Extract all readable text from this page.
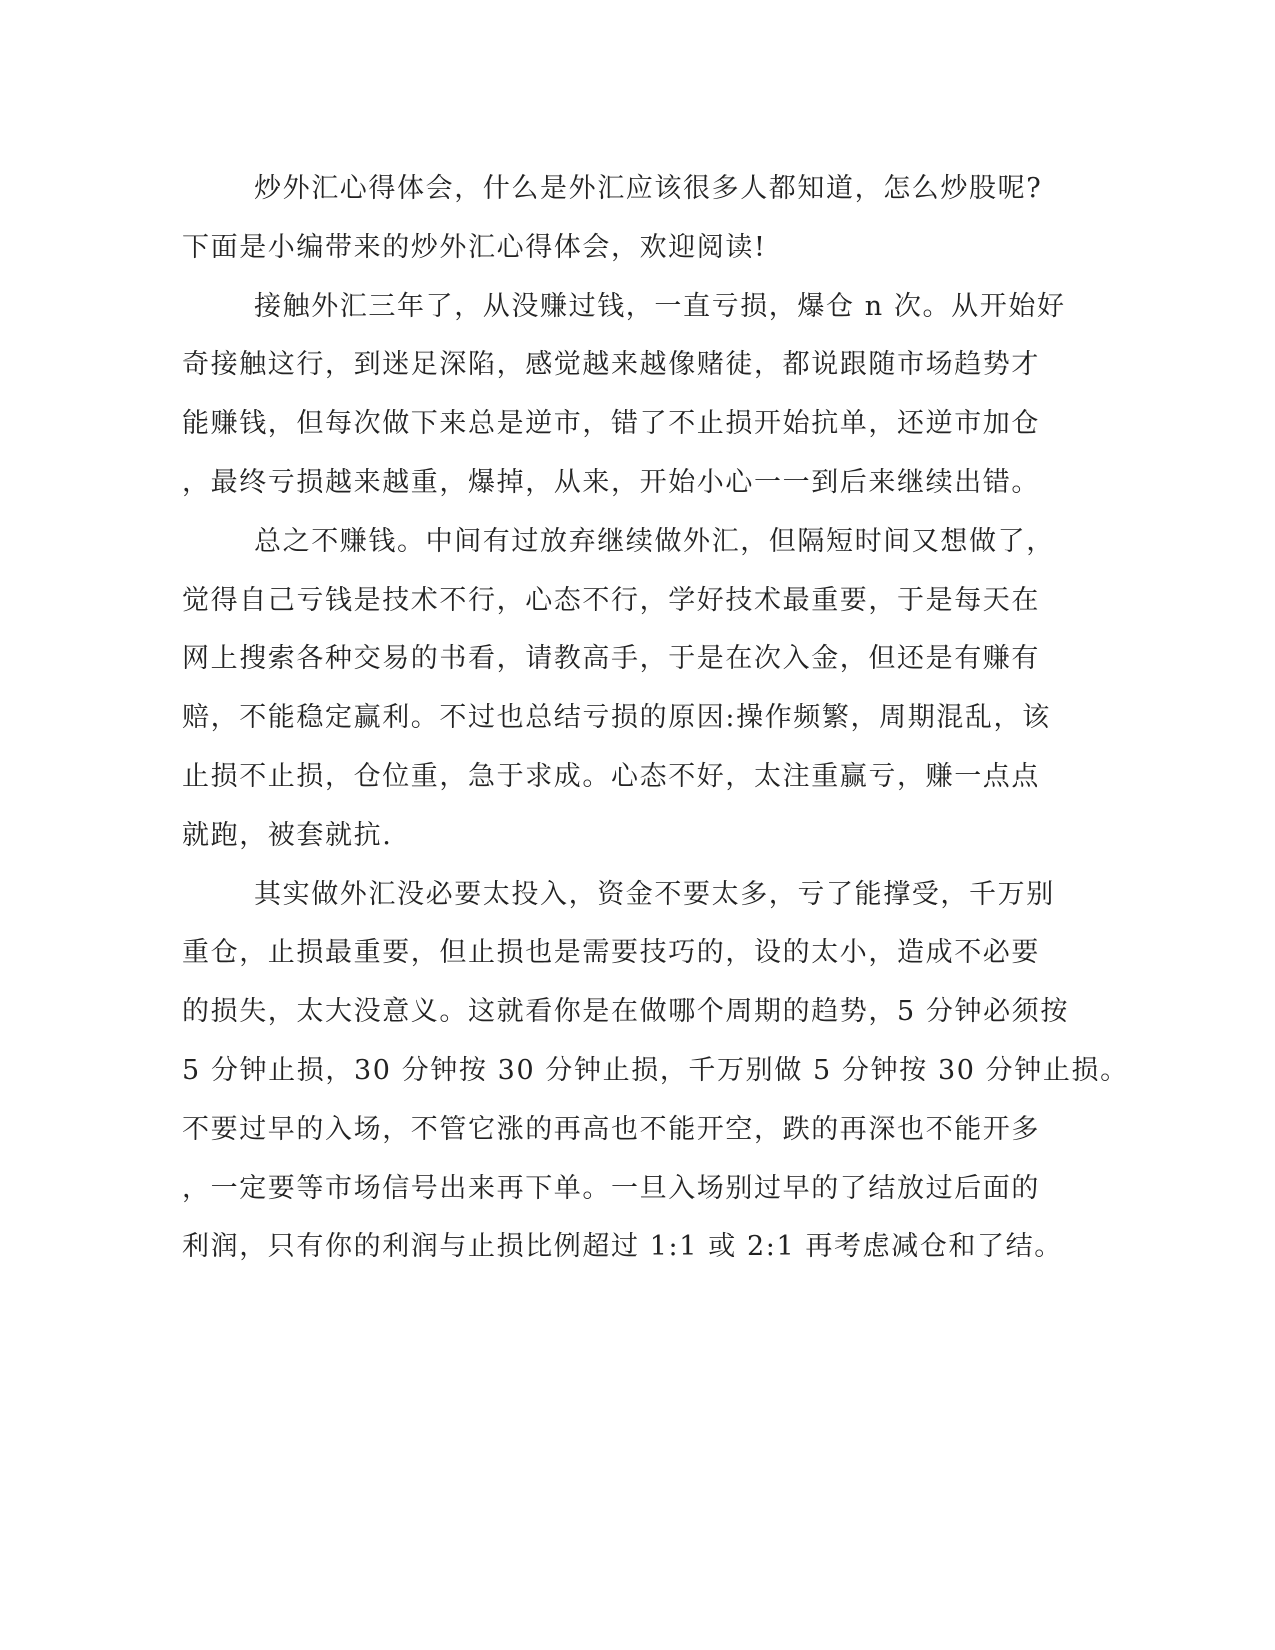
炒外汇心得体会，什么是外汇应该很多人都知道，怎么炒股呢?
下面是小编带来的炒外汇心得体会，欢迎阅读!
接触外汇三年了，从没赚过钱，一直亏损，爆仓 n 次。从开始好
奇接触这行，到迷足深陷，感觉越来越像赌徒，都说跟随市场趋势才
能赚钱，但每次做下来总是逆市，错了不止损开始抗单，还逆市加仓
，最终亏损越来越重，爆掉，从来，开始小心一一到后来继续出错。
总之不赚钱。中间有过放弃继续做外汇，但隔短时间又想做了，
觉得自己亏钱是技术不行，心态不行，学好技术最重要，于是每天在
网上搜索各种交易的书看，请教高手，于是在次入金，但还是有赚有
赔，不能稳定赢利。不过也总结亏损的原因:操作频繁，周期混乱，该
止损不止损，仓位重，急于求成。心态不好，太注重赢亏，赚一点点
就跑，被套就抗.
其实做外汇没必要太投入，资金不要太多，亏了能撑受，千万别
重仓，止损最重要，但止损也是需要技巧的，设的太小，造成不必要
的损失，太大没意义。这就看你是在做哪个周期的趋势，5 分钟必须按
5 分钟止损，30 分钟按 30 分钟止损，千万别做 5 分钟按 30 分钟止损。
不要过早的入场，不管它涨的再高也不能开空，跌的再深也不能开多
，一定要等市场信号出来再下单。一旦入场别过早的了结放过后面的
利润，只有你的利润与止损比例超过 1:1 或 2:1 再考虑减仓和了结。
